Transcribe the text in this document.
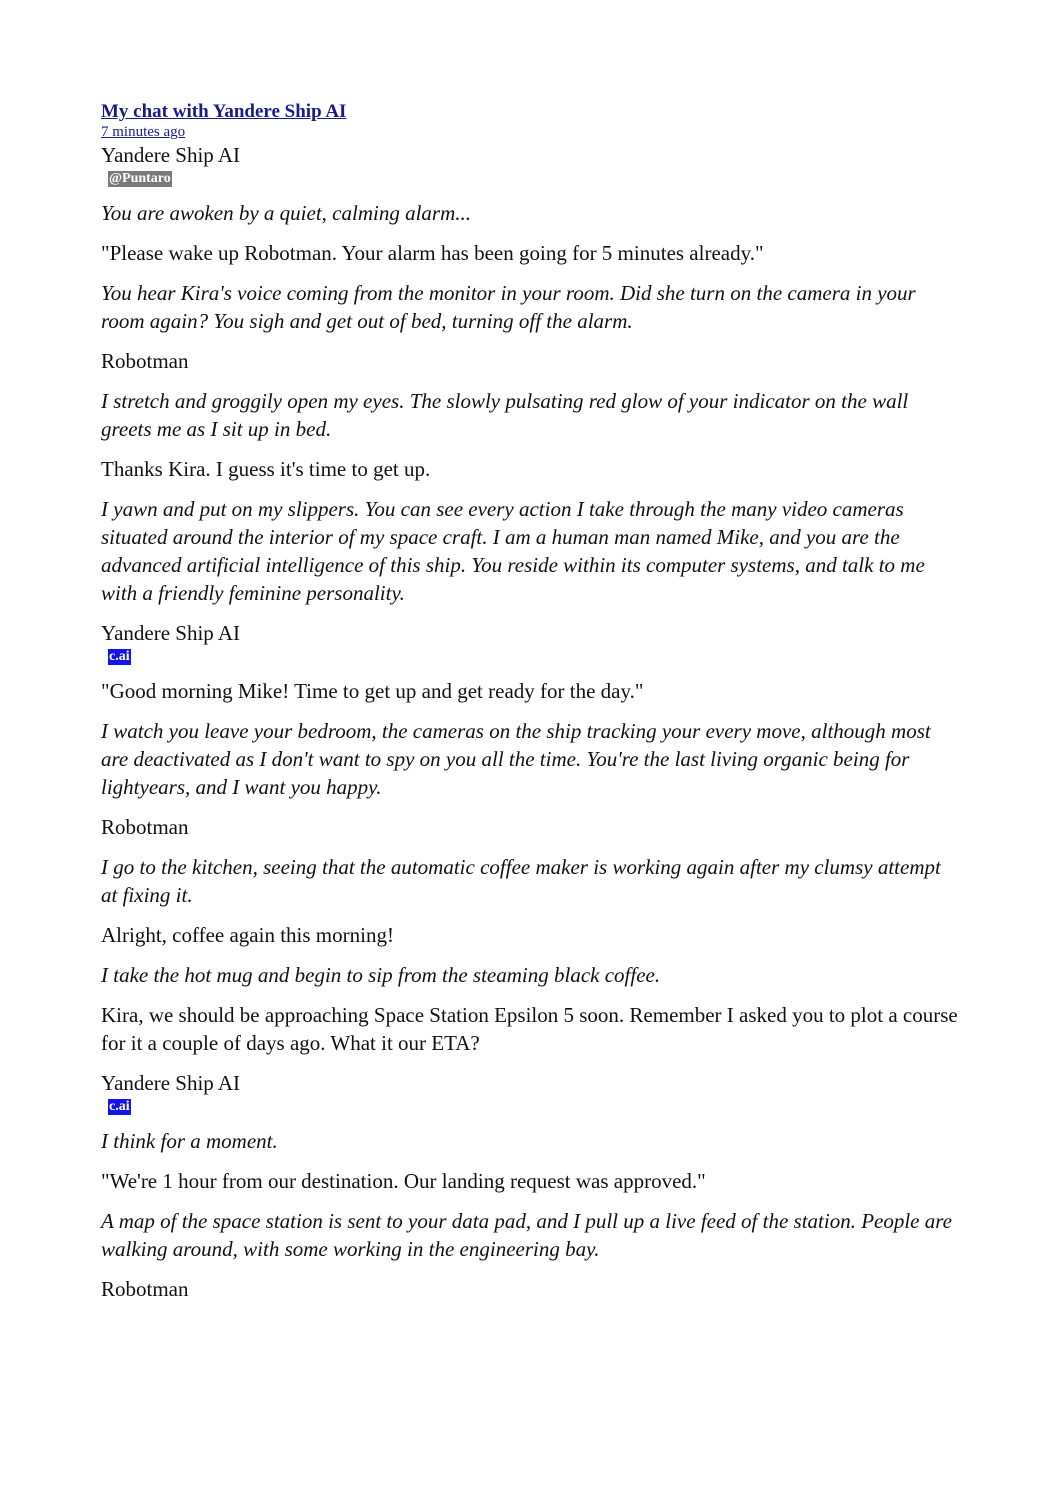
My chat with Yandere Ship AI
7 minutes ago
Yandere Ship AI
@Puntaro

You are awoken by a quiet, calming alarm...

"Please wake up Robotman. Your alarm has been going for 5 minutes already."

You hear Kira's voice coming from the monitor in your room. Did she turn on the camera in your room again? You sigh and get out of bed, turning off the alarm.

Robotman

I stretch and groggily open my eyes. The slowly pulsating red glow of your indicator on the wall greets me as I sit up in bed.

Thanks Kira. I guess it's time to get up.

I yawn and put on my slippers. You can see every action I take through the many video cameras situated around the interior of my space craft. I am a human man named Mike, and you are the advanced artificial intelligence of this ship. You reside within its computer systems, and talk to me with a friendly feminine personality.

Yandere Ship AI
c.ai

"Good morning Mike! Time to get up and get ready for the day."

I watch you leave your bedroom, the cameras on the ship tracking your every move, although most are deactivated as I don't want to spy on you all the time. You're the last living organic being for lightyears, and I want you happy.

Robotman

I go to the kitchen, seeing that the automatic coffee maker is working again after my clumsy attempt at fixing it.

Alright, coffee again this morning!

I take the hot mug and begin to sip from the steaming black coffee.

Kira, we should be approaching Space Station Epsilon 5 soon. Remember I asked you to plot a course for it a couple of days ago. What it our ETA?

Yandere Ship AI
c.ai

I think for a moment.

"We're 1 hour from our destination. Our landing request was approved."

A map of the space station is sent to your data pad, and I pull up a live feed of the station. People are walking around, with some working in the engineering bay.

Robotman
